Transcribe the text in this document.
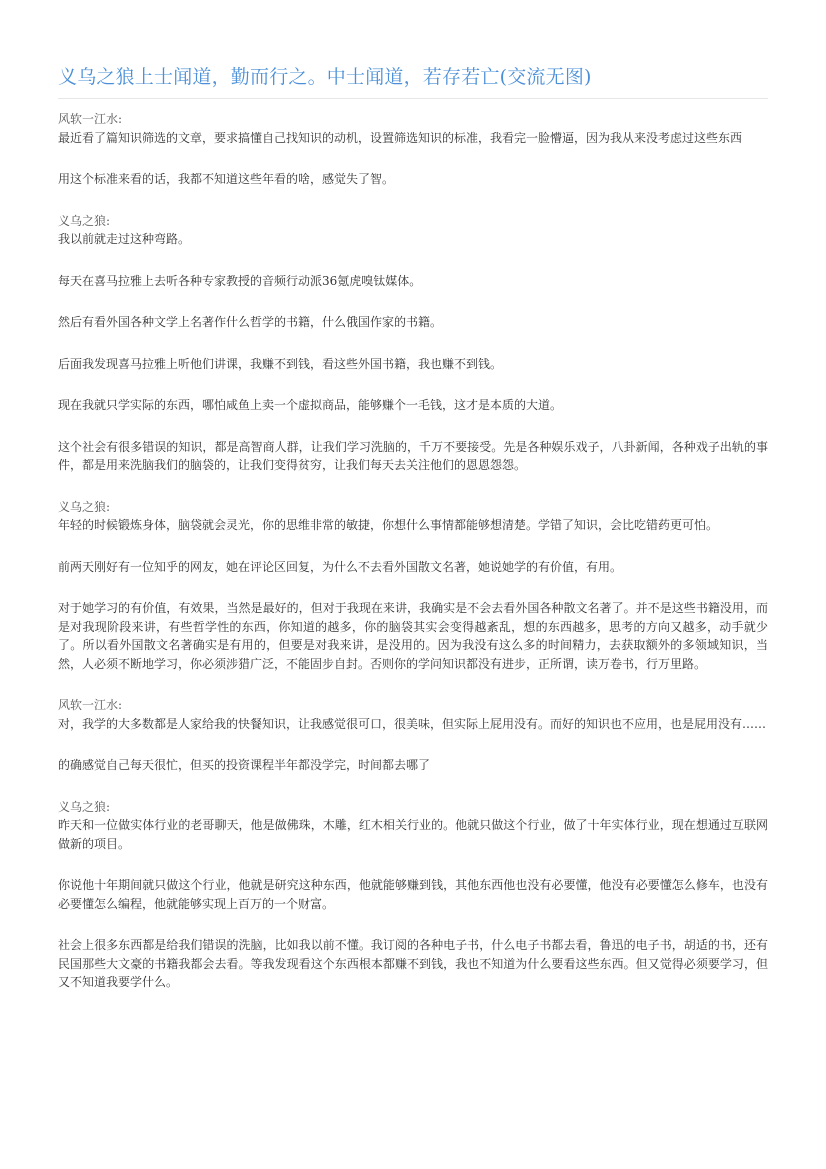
义乌之狼上士闻道，勤而行之。中士闻道，若存若亡(交流无图)

风软一江水:
最近看了篇知识筛选的文章，要求搞懂自己找知识的动机，设置筛选知识的标准，我看完一脸懵逼，因为我从来没考虑过这些东西

用这个标准来看的话，我都不知道这些年看的啥，感觉失了智。

义乌之狼:
我以前就走过这种弯路。

每天在喜马拉雅上去听各种专家教授的音频行动派36氪虎嗅钛媒体。

然后有看外国各种文学上名著作什么哲学的书籍，什么俄国作家的书籍。

后面我发现喜马拉雅上听他们讲课，我赚不到钱，看这些外国书籍，我也赚不到钱。

现在我就只学实际的东西，哪怕咸鱼上卖一个虚拟商品，能够赚个一毛钱，这才是本质的大道。

这个社会有很多错误的知识，都是高智商人群，让我们学习洗脑的，千万不要接受。先是各种娱乐戏子，八卦新闻，各种戏子出轨的事件，都是用来洗脑我们的脑袋的，让我们变得贫穷，让我们每天去关注他们的恩恩怨怨。

义乌之狼:
年轻的时候锻炼身体，脑袋就会灵光，你的思维非常的敏捷，你想什么事情都能够想清楚。学错了知识，会比吃错药更可怕。

前两天刚好有一位知乎的网友，她在评论区回复，为什么不去看外国散文名著，她说她学的有价值，有用。

对于她学习的有价值，有效果，当然是最好的，但对于我现在来讲，我确实是不会去看外国各种散文名著了。并不是这些书籍没用，而是对我现阶段来讲，有些哲学性的东西，你知道的越多，你的脑袋其实会变得越紊乱，想的东西越多，思考的方向又越多，动手就少了。所以看外国散文名著确实是有用的，但要是对我来讲，是没用的。因为我没有这么多的时间精力，去获取额外的多领域知识，当然，人必须不断地学习，你必须涉猎广泛，不能固步自封。否则你的学问知识都没有进步，正所谓，读万卷书，行万里路。

风软一江水:
对，我学的大多数都是人家给我的快餐知识，让我感觉很可口，很美味，但实际上屁用没有。而好的知识也不应用，也是屁用没有……

的确感觉自己每天很忙，但买的投资课程半年都没学完，时间都去哪了

义乌之狼:
昨天和一位做实体行业的老哥聊天，他是做佛珠，木雕，红木相关行业的。他就只做这个行业，做了十年实体行业，现在想通过互联网做新的项目。

你说他十年期间就只做这个行业，他就是研究这种东西，他就能够赚到钱，其他东西他也没有必要懂，他没有必要懂怎么修车，也没有必要懂怎么编程，他就能够实现上百万的一个财富。

社会上很多东西都是给我们错误的洗脑，比如我以前不懂。我订阅的各种电子书，什么电子书都去看，鲁迅的电子书，胡适的书，还有民国那些大文豪的书籍我都会去看。等我发现看这个东西根本都赚不到钱，我也不知道为什么要看这些东西。但又觉得必须要学习，但又不知道我要学什么。
